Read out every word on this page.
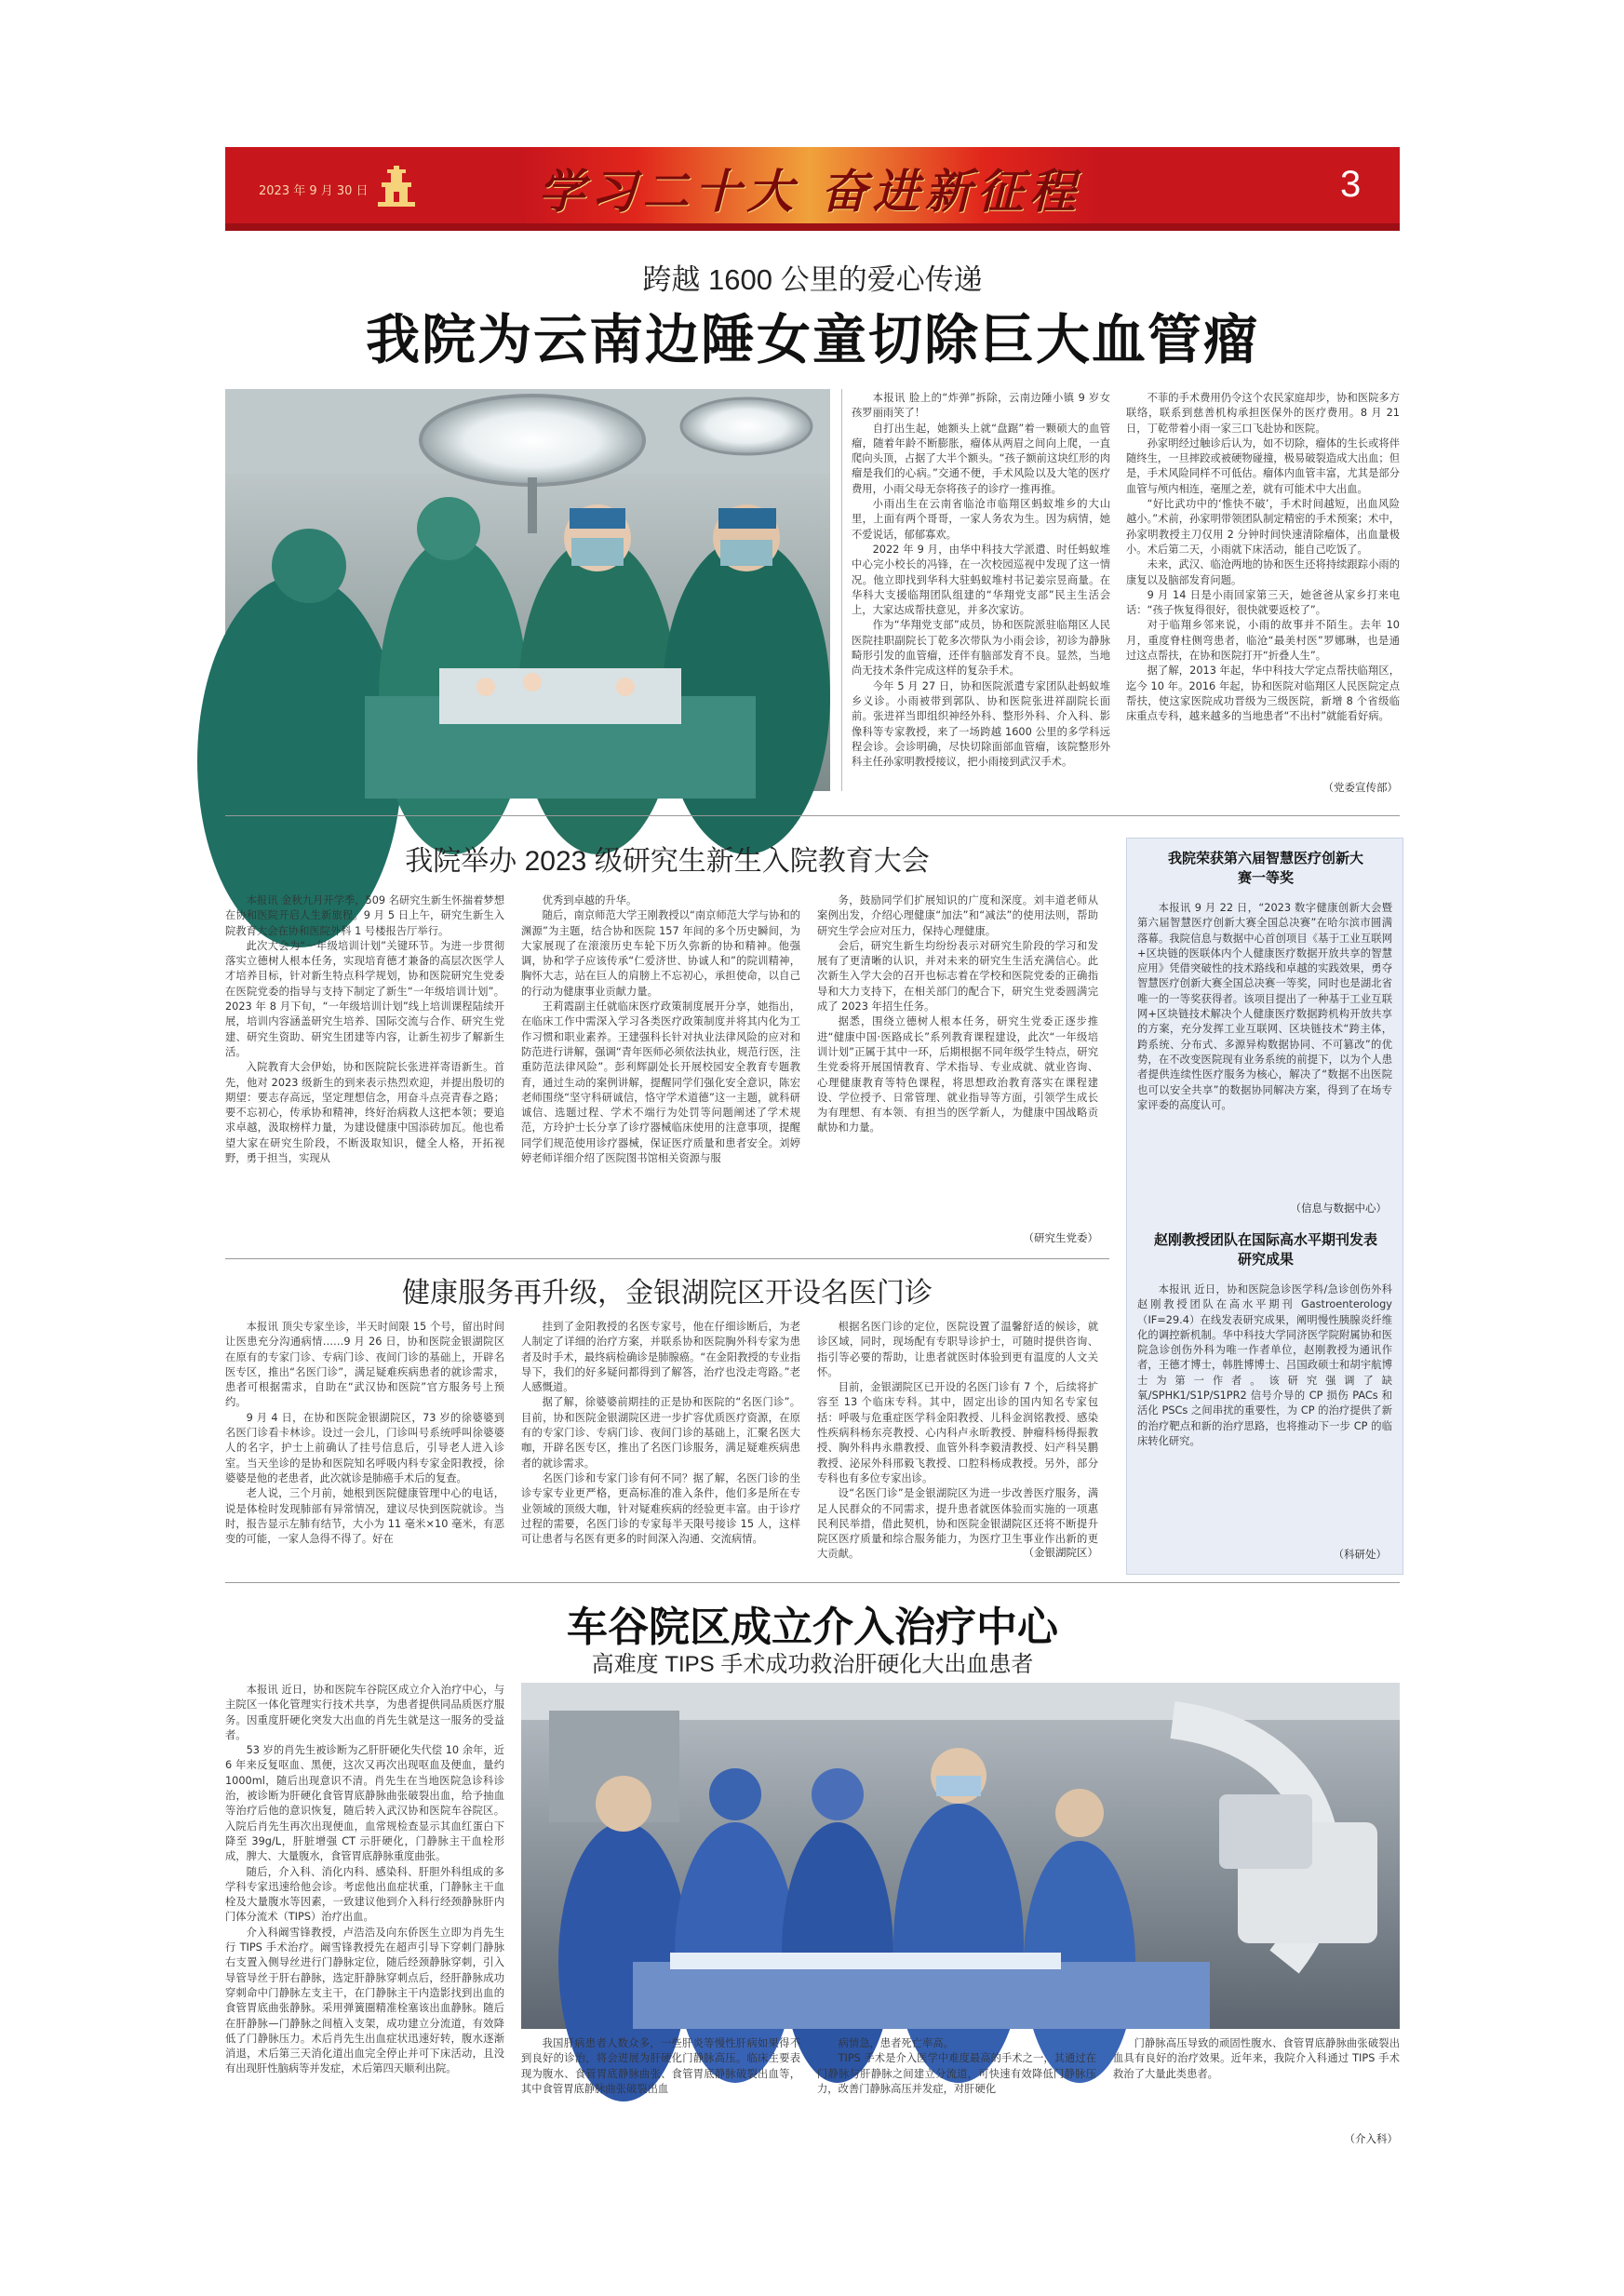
2023 年 9 月 30 日	学习二十大 奋进新征程	3
跨越 1600 公里的爱心传递
我院为云南边陲女童切除巨大血管瘤

本报讯 脸上的“炸弹”拆除，云南边陲小镇 9 岁女孩罗丽雨笑了！

自打出生起，她额头上就“盘踞”着一颗硕大的血管瘤，随着年龄不断膨胀，瘤体从两眉之间向上爬，一直爬向头顶，占据了大半个额头。“孩子额前这块红形的肉瘤是我们的心病。”交通不便，手术风险以及大笔的医疗费用，小雨父母无奈将孩子的诊疗一推再推。

小雨出生在云南省临沧市临翔区蚂蚁堆乡的大山里，上面有两个哥哥，一家人务农为生。因为病情，她不爱说话，郁郁寡欢。

2022 年 9 月，由华中科技大学派遣、时任蚂蚁堆中心完小校长的冯锋，在一次校园巡视中发现了这一情况。他立即找到华科大驻蚂蚁堆村书记姜宗昱商量。在华科大支援临翔团队组建的“华翔党支部”民主生活会上，大家达成帮扶意见，并多次家访。

作为“华翔党支部”成员，协和医院派驻临翔区人民医院挂职副院长丁乾多次带队为小雨会诊，初诊为静脉畸形引发的血管瘤，还伴有脑部发育不良。显然，当地尚无技术条件完成这样的复杂手术。

今年 5 月 27 日，协和医院派遣专家团队赴蚂蚁堆乡义诊。小雨被带到郭队、协和医院张进祥副院长面前。张进祥当即组织神经外科、整形外科、介入科、影像科等专家教授，来了一场跨越 1600 公里的多学科远程会诊。会诊明确，尽快切除面部血管瘤，该院整形外科主任孙家明教授接议，把小雨接到武汉手术。

不菲的手术费用仍令这个农民家庭却步，协和医院多方联络，联系到慈善机构承担医保外的医疗费用。8 月 21 日，丁乾带着小雨一家三口飞赴协和医院。

孙家明经过触诊后认为，如不切除，瘤体的生长或将伴随终生，一旦摔跤或被硬物碰撞，极易破裂造成大出血；但是，手术风险同样不可低估。瘤体内血管丰富，尤其是部分血管与颅内相连，毫厘之差，就有可能术中大出血。

“好比武功中的‘惟快不破’，手术时间越短，出血风险越小。”术前，孙家明带领团队制定精密的手术预案；术中，孙家明教授主刀仅用 2 分钟时间快速清除瘤体，出血量极小。术后第二天，小雨就下床活动，能自己吃饭了。

未来，武汉、临沧两地的协和医生还将持续跟踪小雨的康复以及脑部发育问题。

9 月 14 日是小雨回家第三天，她爸爸从家乡打来电话：“孩子恢复得很好，很快就要返校了”。

对于临翔乡邻来说，小雨的故事并不陌生。去年 10 月，重度脊柱侧弯患者，临沧“最美村医”罗娜琳，也是通过这点帮扶，在协和医院打开“折叠人生”。

据了解，2013 年起，华中科技大学定点帮扶临翔区，迄今 10 年。2016 年起，协和医院对临翔区人民医院定点帮扶，使这家医院成功晋级为三级医院，新增 8 个省级临床重点专科，越来越多的当地患者“不出村”就能看好病。

（党委宣传部）
我院举办 2023 级研究生新生入院教育大会

本报讯 金秋九月开学季，509 名研究生新生怀揣着梦想在协和医院开启人生新旅程。9 月 5 日上午，研究生新生入院教育大会在协和医院外科 1 号楼报告厅举行。

此次大会为“一年级培训计划”关键环节。为进一步贯彻落实立德树人根本任务，实现培育德才兼备的高层次医学人才培养目标，针对新生特点科学规划，协和医院研究生党委在医院党委的指导与支持下制定了新生“一年级培训计划”。2023 年 8 月下旬，“一年级培训计划”线上培训课程陆续开展，培训内容涵盖研究生培养、国际交流与合作、研究生党建、研究生资助、研究生团建等内容，让新生初步了解新生活。

入院教育大会伊始，协和医院院长张进祥寄语新生。首先，他对 2023 级新生的到来表示热烈欢迎，并提出殷切的期望：要志存高远，坚定理想信念，用奋斗点亮青春之路；要不忘初心，传承协和精神，终好治病救人这把本领；要追求卓越，汲取榜样力量，为建设健康中国添砖加瓦。他也希望大家在研究生阶段，不断汲取知识，健全人格，开拓视野，勇于担当，实现从

优秀到卓越的升华。

随后，南京师范大学王刚教授以“南京师范大学与协和的渊源”为主题，结合协和医院 157 年间的多个历史瞬间，为大家展现了在滚滚历史车轮下历久弥新的协和精神。他强调，协和学子应该传承“仁爱济世、协诚人和”的院训精神，胸怀大志，站在巨人的肩膀上不忘初心，承担使命，以自己的行动为健康事业贡献力量。

王莉霞副主任就临床医疗政策制度展开分享，她指出，在临床工作中需深入学习各类医疗政策制度并将其内化为工作习惯和职业素养。王建强科长针对执业法律风险的应对和防范进行讲解，强调“青年医师必须依法执业，规范行医，注重防范法律风险”。彭利辉副处长开展校园安全教育专题教育，通过生动的案例讲解，提醒同学们强化安全意识，陈宏老师围绕“坚守科研诚信，恪守学术道德”这一主题，就科研诚信、选题过程、学术不端行为处罚等问题阐述了学术规范，方玲护士长分享了诊疗器械临床使用的注意事项，提醒同学们规范使用诊疗器械，保证医疗质量和患者安全。刘婷婷老师详细介绍了医院图书馆相关资源与服

务，鼓励同学们扩展知识的广度和深度。刘丰道老师从案例出发，介绍心理健康“加法”和“减法”的使用法则，帮助研究生学会应对压力，保持心理健康。

会后，研究生新生均纷纷表示对研究生阶段的学习和发展有了更清晰的认识，并对未来的研究生生活充满信心。此次新生入学大会的召开也标志着在学校和医院党委的正确指导和大力支持下，在相关部门的配合下，研究生党委圆满完成了 2023 年招生任务。

据悉，围绕立德树人根本任务，研究生党委正逐步推进“健康中国·医路成长”系列教育课程建设，此次“一年级培训计划”正属于其中一环，后期根据不同年级学生特点，研究生党委将开展国情教育、学术指导、专业成就、就业咨询、心理健康教育等特色课程，将思想政治教育落实在课程建设、学位授予、日常管理、就业指导等方面，引领学生成长为有理想、有本领、有担当的医学新人，为健康中国战略贡献协和力量。

（研究生党委）
健康服务再升级，金银湖院区开设名医门诊

本报讯 顶尖专家坐诊，半天时间限 15 个号，留出时间让医患充分沟通病情……9 月 26 日，协和医院金银湖院区在原有的专家门诊、专病门诊、夜间门诊的基础上，开辟名医专区，推出“名医门诊”，满足疑难疾病患者的就诊需求，患者可根据需求，自助在“武汉协和医院”官方服务号上预约。

9 月 4 日，在协和医院金银湖院区，73 岁的徐婆婆到名医门诊看卡林诊。设过一会儿，门诊叫号系统呼叫徐婆婆人的名字，护士上前确认了挂号信息后，引导老人进入诊室。当天坐诊的是协和医院知名呼吸内科专家金阳教授，徐婆婆是他的老患者，此次就诊是肺癌手术后的复查。

老人说，三个月前，她根到医院健康管理中心的电话，说是体检时发现肺部有异常情况，建议尽快到医院就诊。当时，报告显示左肺有结节，大小为 11 毫米×10 毫米，有恶变的可能，一家人急得不得了。好在

挂到了金阳教授的名医专家号，他在仔细诊断后，为老人制定了详细的治疗方案，并联系协和医院胸外科专家为患者及时手术，最终病检确诊是肺腺癌。“在金阳教授的专业指导下，我们的好多疑问都得到了解答，治疗也没走弯路。”老人感慨道。

据了解，徐婆婆前期挂的正是协和医院的“名医门诊”。目前，协和医院金银湖院区进一步扩容优质医疗资源，在原有的专家门诊、专病门诊、夜间门诊的基础上，汇聚名医大咖，开辟名医专区，推出了名医门诊服务，满足疑难疾病患者的就诊需求。

名医门诊和专家门诊有何不同？据了解，名医门诊的坐诊专家专业更严格，更高标准的准入条件，他们多是所在专业领域的顶级大咖，针对疑难疾病的经验更丰富。由于诊疗过程的需要，名医门诊的专家每半天限号接诊 15 人，这样可让患者与名医有更多的时间深入沟通、交流病情。

根据名医门诊的定位，医院设置了温馨舒适的候诊，就诊区域，同时，现场配有专职导诊护士，可随时提供咨询、指引等必要的帮助，让患者就医时体验到更有温度的人文关怀。

目前，金银湖院区已开设的名医门诊有 7 个，后续将扩容至 13 个临床专科。其中，固定出诊的国内知名专家包括：呼吸与危重症医学科金阳教授、儿科金润铭教授、感染性疾病科杨东亮教授、心内科卢永昕教授、肿瘤科杨得振教授、胸外科冉永鼎教授、血管外科李毅清教授、妇产科吴鹏教授、泌尿外科邢毅飞教授、口腔科杨成教授。另外，部分专科也有多位专家出诊。

设“名医门诊”是金银湖院区为进一步改善医疗服务，满足人民群众的不同需求，提升患者就医体验而实施的一项惠民利民举措，借此契机，协和医院金银湖院区还将不断提升院区医疗质量和综合服务能力，为医疗卫生事业作出新的更大贡献。	（金银湖院区）
我院荣获第六届智慧医疗创新大赛一等奖

本报讯 9 月 22 日，“2023 数字健康创新大会暨第六届智慧医疗创新大赛全国总决赛”在哈尔滨市圆满落幕。我院信息与数据中心首创项目《基于工业互联网+区块链的医联体内个人健康医疗数据开放共享的智慧应用》凭借突破性的技术路线和卓越的实践效果，勇夺智慧医疗创新大赛全国总决赛一等奖，同时也是湖北省唯一的一等奖获得者。该项目提出了一种基于工业互联网+区块链技术解决个人健康医疗数据跨机构开放共享的方案，充分发挥工业互联网、区块链技术“跨主体，跨系统、分布式、多源异构数据协同、不可篡改”的优势，在不改变医院现有业务系统的前提下，以为个人患者提供连续性医疗服务为核心，解决了“数据不出医院也可以安全共享”的数据协同解决方案，得到了在场专家评委的高度认可。

（信息与数据中心）
赵刚教授团队在国际高水平期刊发表研究成果

本报讯 近日，协和医院急诊医学科/急诊创伤外科赵刚教授团队在高水平期刊 Gastroenterology（IF=29.4）在线发表研究成果，阐明慢性胰腺炎纤维化的调控新机制。华中科技大学同济医学院附属协和医院急诊创伤外科为唯一作者单位，赵刚教授为通讯作者，王德才博士，韩胜博博士、吕国政硕士和胡宇航博士为第一作者。该研究强调了缺氧/SPHK1/S1P/S1PR2 信号介导的 CP 损伤 PACs 和活化 PSCs 之间串扰的重要性，为 CP 的治疗提供了新的治疗靶点和新的治疗思路，也将推动下一步 CP 的临床转化研究。

（科研处）
车谷院区成立介入治疗中心
高难度 TIPS 手术成功救治肝硬化大出血患者

本报讯 近日，协和医院车谷院区成立介入治疗中心，与主院区一体化管理实行技术共享，为患者提供同品质医疗服务。因重度肝硬化突发大出血的肖先生就是这一服务的受益者。

53 岁的肖先生被诊断为乙肝肝硬化失代偿 10 余年，近 6 年来反复呕血、黑便，这次又再次出现呕血及便血，量约 1000ml，随后出现意识不清。肖先生在当地医院急诊科诊治，被诊断为肝硬化食管胃底静脉曲张破裂出血，给予抽血等治疗后他的意识恢复，随后转入武汉协和医院车谷院区。入院后肖先生再次出现便血，血常规检查显示其血红蛋白下降至 39g/L，肝脏增强 CT 示肝硬化，门静脉主干血栓形成，脾大、大量腹水，食管胃底静脉重度曲张。

随后，介入科、消化内科、感染科、肝胆外科组成的多学科专家迅速给他会诊。考虑他出血症状重，门静脉主干血栓及大量腹水等因素，一致建议他到介入科行经颈静脉肝内门体分流术（TIPS）治疗出血。

介入科阚雪锋教授，卢浩浩及向东侨医生立即为肖先生行 TIPS 手术治疗。阚雪锋教授先在超声引导下穿刺门静脉右支置入侧导丝进行门静脉定位，随后经颈静脉穿刺，引入导管导丝于肝右静脉，选定肝静脉穿刺点后，经肝静脉成功穿刺命中门静脉左支主干，在门静脉主干内造影找到出血的食管胃底曲张静脉。采用弹簧圈精准栓塞该出血静脉。随后在肝静脉—门静脉之间植入支架，成功建立分流道，有效降低了门静脉压力。术后肖先生出血症状迅速好转，腹水逐渐消退，术后第三天消化道出血完全停止并可下床活动，且没有出现肝性脑病等并发症，术后第四天顺利出院。

我国肝病患者人数众多，一些肝炎等慢性肝病如果得不到良好的诊治，将会进展为肝硬化门静脉高压。临床主要表现为腹水、食管胃底静脉曲张、食管胃底静脉破裂出血等，其中食管胃底静脉曲张破裂出血

病情急，患者死亡率高。

TIPS 手术是介入医学中难度最高的手术之一，其通过在门静脉与肝静脉之间建立分流道，可快速有效降低门静脉压力，改善门静脉高压并发症，对肝硬化

门静脉高压导致的顽固性腹水、食管胃底静脉曲张破裂出血具有良好的治疗效果。近年来，我院介入科通过 TIPS 手术救治了大量此类患者。

（介入科）
